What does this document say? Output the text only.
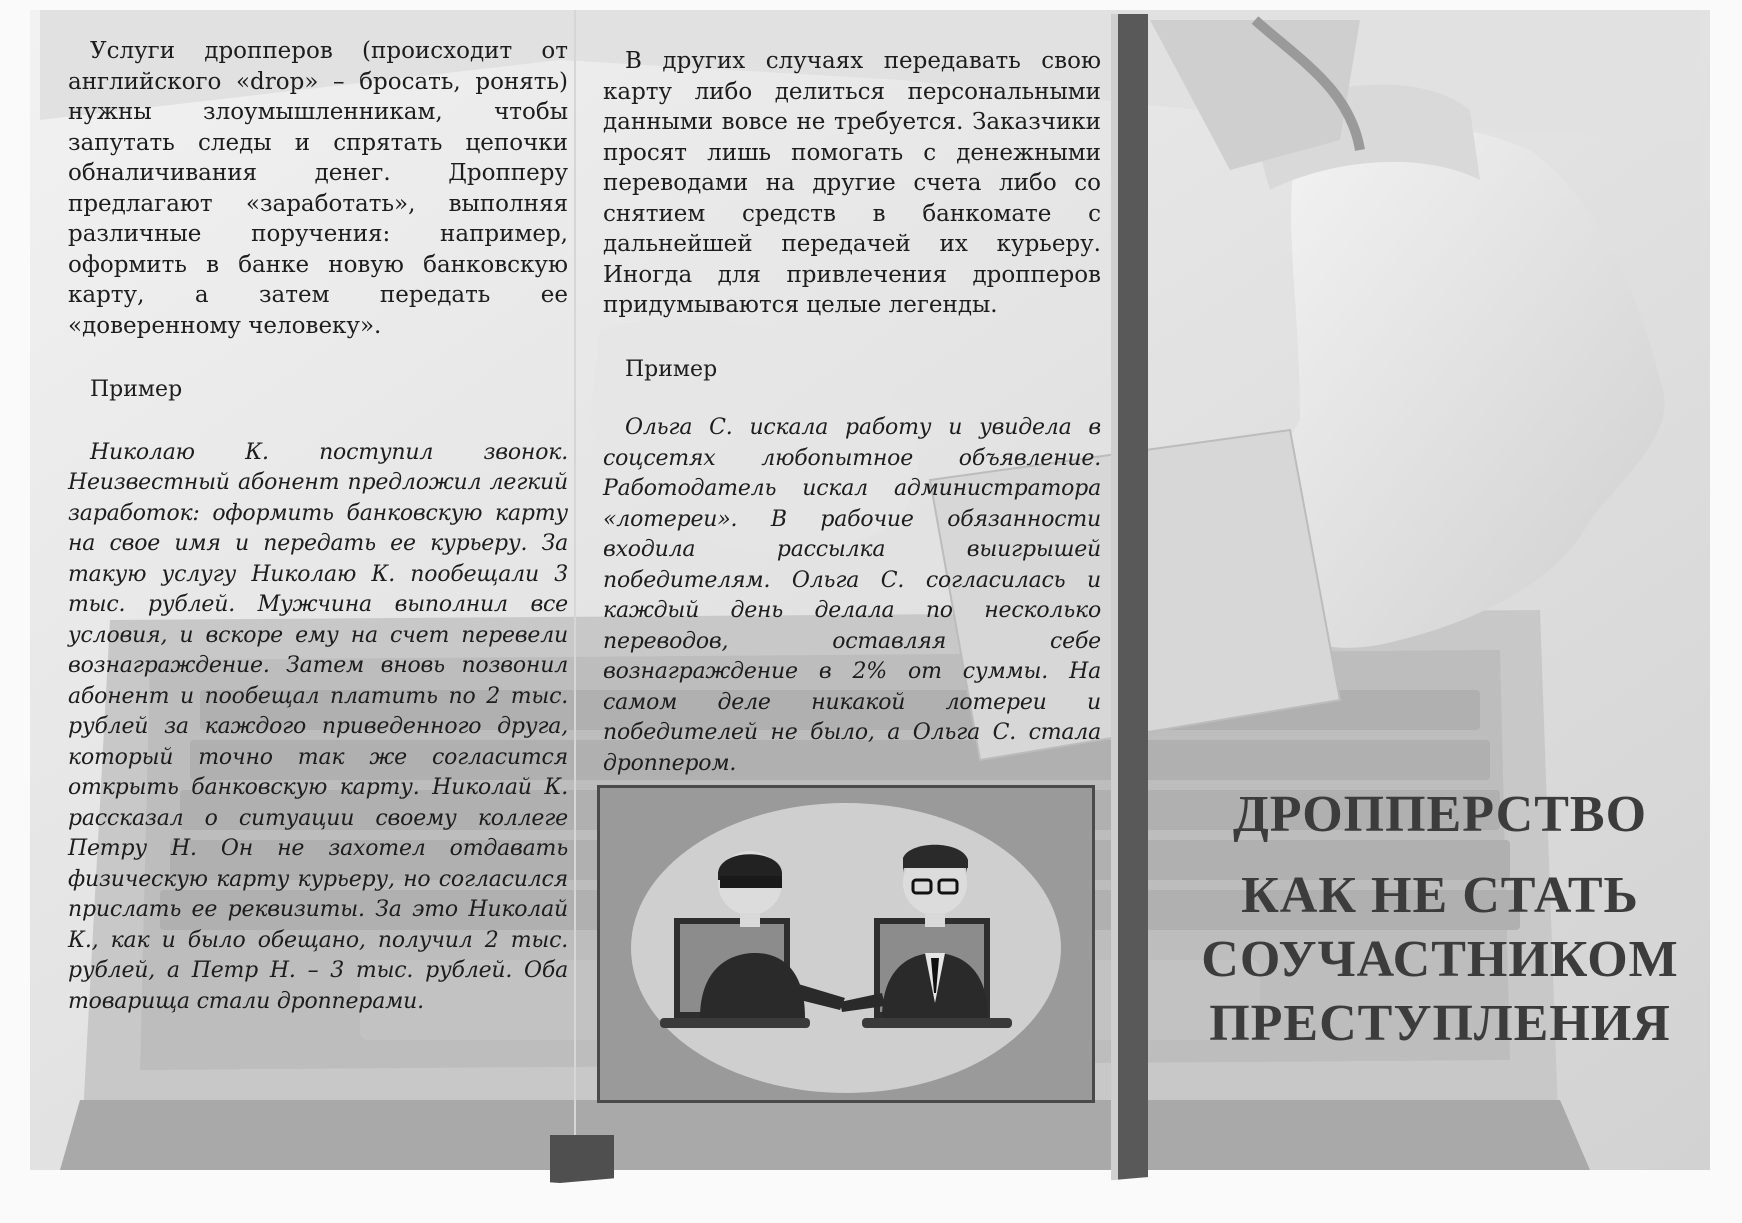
Услуги дропперов (происходит от английского «drop» – бросать, ронять) нужны злоумышленникам, чтобы запутать следы и спрятать цепочки обналичивания денег. Дропперу предлагают «заработать», выполняя различные поручения: например, оформить в банке новую банковскую карту, а затем передать ее «доверенному человеку».

Пример

Николаю К. поступил звонок. Неизвестный абонент предложил легкий заработок: оформить банковскую карту на свое имя и передать ее курьеру. За такую услугу Николаю К. пообещали 3 тыс. рублей. Мужчина выполнил все условия, и вскоре ему на счет перевели вознаграждение. Затем вновь позвонил абонент и пообещал платить по 2 тыс. рублей за каждого приведенного друга, который точно так же согласится открыть банковскую карту. Николай К. рассказал о ситуации своему коллеге Петру Н. Он не захотел отдавать физическую карту курьеру, но согласился прислать ее реквизиты. За это Николай К., как и было обещано, получил 2 тыс. рублей, а Петр Н. – 3 тыс. рублей. Оба товарища стали дропперами.

В других случаях передавать свою карту либо делиться персональными данными вовсе не требуется. Заказчики просят лишь помогать с денежными переводами на другие счета либо со снятием средств в банкомате с дальнейшей передачей их курьеру. Иногда для привлечения дропперов придумываются целые легенды.

Пример

Ольга С. искала работу и увидела в соцсетях любопытное объявление. Работодатель искал администратора «лотереи». В рабочие обязанности входила рассылка выигрышей победителям. Ольга С. согласилась и каждый день делала по несколько переводов, оставляя себе вознаграждение в 2% от суммы. На самом деле никакой лотереи и победителей не было, а Ольга С. стала дроппером.

ДРОППЕРСТВО
КАК НЕ СТАТЬ
СОУЧАСТНИКОМ
ПРЕСТУПЛЕНИЯ
